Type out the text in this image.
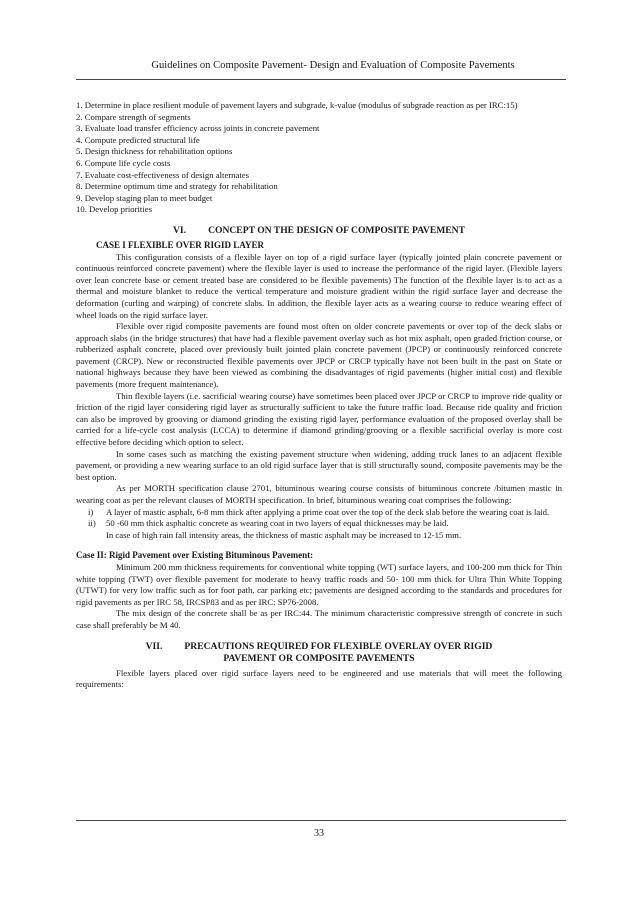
Guidelines on Composite Pavement- Design and Evaluation of Composite Pavements

1. Determine in place resilient module of pavement layers and subgrade, k-value (modulus of subgrade reaction as per IRC:15)

2. Compare strength of segments

3. Evaluate load transfer efficiency across joints in concrete pavement

4. Compute predicted structural life

5. Design thickness for rehabilitation options

6. Compute life cycle costs

7. Evaluate cost-effectiveness of design alternates

8. Determine optimum time and strategy for rehabilitation

9. Develop staging plan to meet budget

10. Develop priorities

VI. CONCEPT ON THE DESIGN OF COMPOSITE PAVEMENT
CASE I FLEXIBLE OVER RIGID LAYER

This configuration consists of a flexible layer on top of a rigid surface layer (typically jointed plain concrete pavement or continuous reinforced concrete pavement) where the flexible layer is used to increase the performance of the rigid layer. (Flexible layers over lean concrete base or cement treated base are considered to be flexible pavements) The function of the flexible layer is to act as a thermal and moisture blanket to reduce the vertical temperature and moisture gradient within the rigid surface layer and decrease the deformation (curling and warping) of concrete slabs. In addition, the flexible layer acts as a wearing course to reduce wearing effect of wheel loads on the rigid surface layer.

Flexible over rigid composite pavements are found most often on older concrete pavements or over top of the deck slabs or approach slabs (in the bridge structures) that have had a flexible pavement overlay such as hot mix asphalt, open graded friction course, or rubberized asphalt concrete, placed over previously built jointed plain concrete pavement (JPCP) or continuously reinforced concrete pavement (CRCP). New or reconstructed flexible pavements over JPCP or CRCP typically have not been built in the past on State or national highways because they have been viewed as combining the disadvantages of rigid pavements (higher initial cost) and flexible pavements (more frequent maintenance).

Thin flexible layers (i.e. sacrificial wearing course) have sometimes been placed over JPCP or CRCP to improve ride quality or friction of the rigid layer considering rigid layer as structurally sufficient to take the future traffic load. Because ride quality and friction can also be improved by grooving or diamond grinding the existing rigid layer, performance evaluation of the proposed overlay shall be carried for a life-cycle cost analysis (LCCA) to determine if diamond grinding/grooving or a flexible sacrificial overlay is more cost effective before deciding which option to select.

In some cases such as matching the existing pavement structure when widening, adding truck lanes to an adjacent flexible pavement, or providing a new wearing surface to an old rigid surface layer that is still structurally sound, composite pavements may be the best option.

As per MORTH specification clause 2701, bituminous wearing course consists of bituminous concrete /bitumen mastic in wearing coat as per the relevant clauses of MORTH specification. In brief, bituminous wearing coat comprises the following:

i) A layer of mastic asphalt, 6-8 mm thick after applying a prime coat over the top of the deck slab before the wearing coat is laid.

ii) 50 -60 mm thick asphaltic concrete as wearing coat in two layers of equal thicknesses may be laid.

In case of high rain fall intensity areas, the thickness of mastic asphalt may be increased to 12-15 mm.

Case II: Rigid Pavement over Existing Bituminous Pavement:

Minimum 200 mm thickness requirements for conventional white topping (WT) surface layers, and 100-200 mm thick for Thin white topping (TWT) over flexible pavement for moderate to heavy traffic roads and 50- 100 mm thick for Ultra Thin White Topping (UTWT) for very low traffic such as for foot path, car parking etc; pavements are designed according to the standards and procedures for rigid pavements as per IRC 58, IRCSP83 and as per IRC: SP76-2008.

The mix design of the concrete shall be as per IRC:44. The minimum characteristic compressive strength of concrete in such case shall preferably be M 40.

VII. PRECAUTIONS REQUIRED FOR FLEXIBLE OVERLAY OVER RIGID
PAVEMENT OR COMPOSITE PAVEMENTS

Flexible layers placed over rigid surface layers need to be engineered and use materials that will meet the following requirements:

33
